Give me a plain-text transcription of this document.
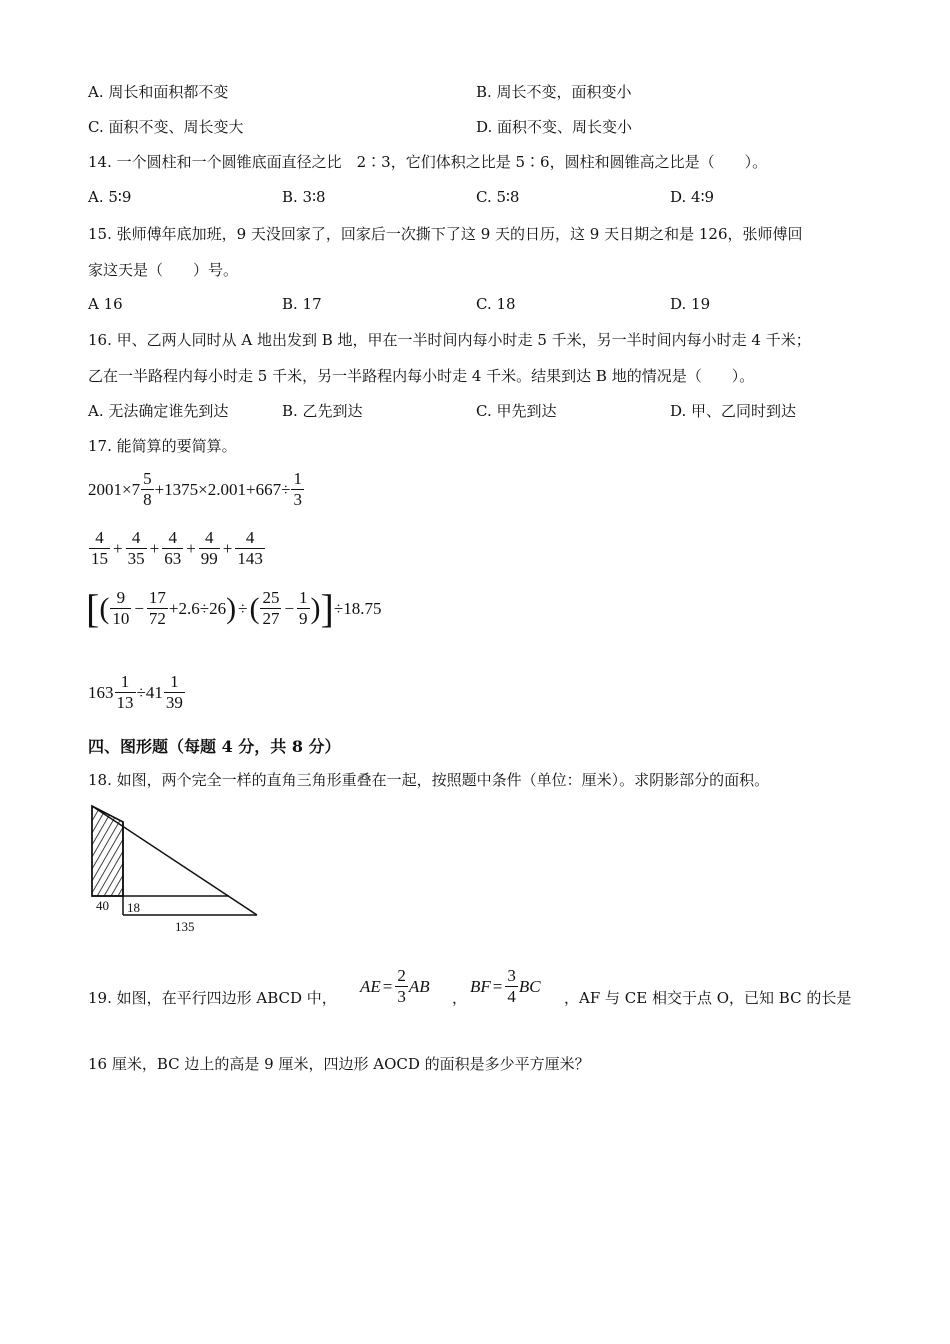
A. 周长和面积都不变	B. 周长不变，面积变小
C. 面积不变、周长变大	D. 面积不变、周长变小
14. 一个圆柱和一个圆锥底面直径之比　2∶3，它们体积之比是 5∶6，圆柱和圆锥高之比是（　　）。
A. 5∶9	B. 3∶8	C. 5∶8	D. 4∶9
15. 张师傅年底加班，9 天没回家了，回家后一次撕下了这 9 天的日历，这 9 天日期之和是 126，张师傅回
家这天是（　　）号。
A 16	B. 17	C. 18	D. 19
16. 甲、乙两人同时从 A 地出发到 B 地，甲在一半时间内每小时走 5 千米，另一半时间内每小时走 4 千米；
乙在一半路程内每小时走 5 千米，另一半路程内每小时走 4 千米。结果到达 B 地的情况是（　　）。
A. 无法确定谁先到达	B. 乙先到达	C. 甲先到达	D. 甲、乙同时到达
17. 能简算的要简算。
$2001\times 7 \frac{5}{8} +1375\times 2.001+667\div \frac{1}{3}$
$\frac{4}{15} + \frac{4}{35} + \frac{4}{63} + \frac{4}{99} + \frac{4}{143}$
[ ( $\frac{9}{10} - \frac{17}{72} +2.6\div 26$ ) ÷ ( $\frac{25}{27} - \frac{1}{9}$ ) ] ÷18.75
$163 \frac{1}{13} \div 41 \frac{1}{39}$
四、图形题（每题 4 分，共 8 分）
18. 如图，两个完全一样的直角三角形重叠在一起，按照题中条件（单位：厘米）。求阴影部分的面积。
40 18
135
19. 如图，在平行四边形 ABCD 中，
AE = $\frac{2}{3}$ AB
，
BF = $\frac{3}{4}$ BC
，AF 与 CE 相交于点 O，已知 BC 的长是
16 厘米，BC 边上的高是 9 厘米，四边形 AOCD 的面积是多少平方厘米？
